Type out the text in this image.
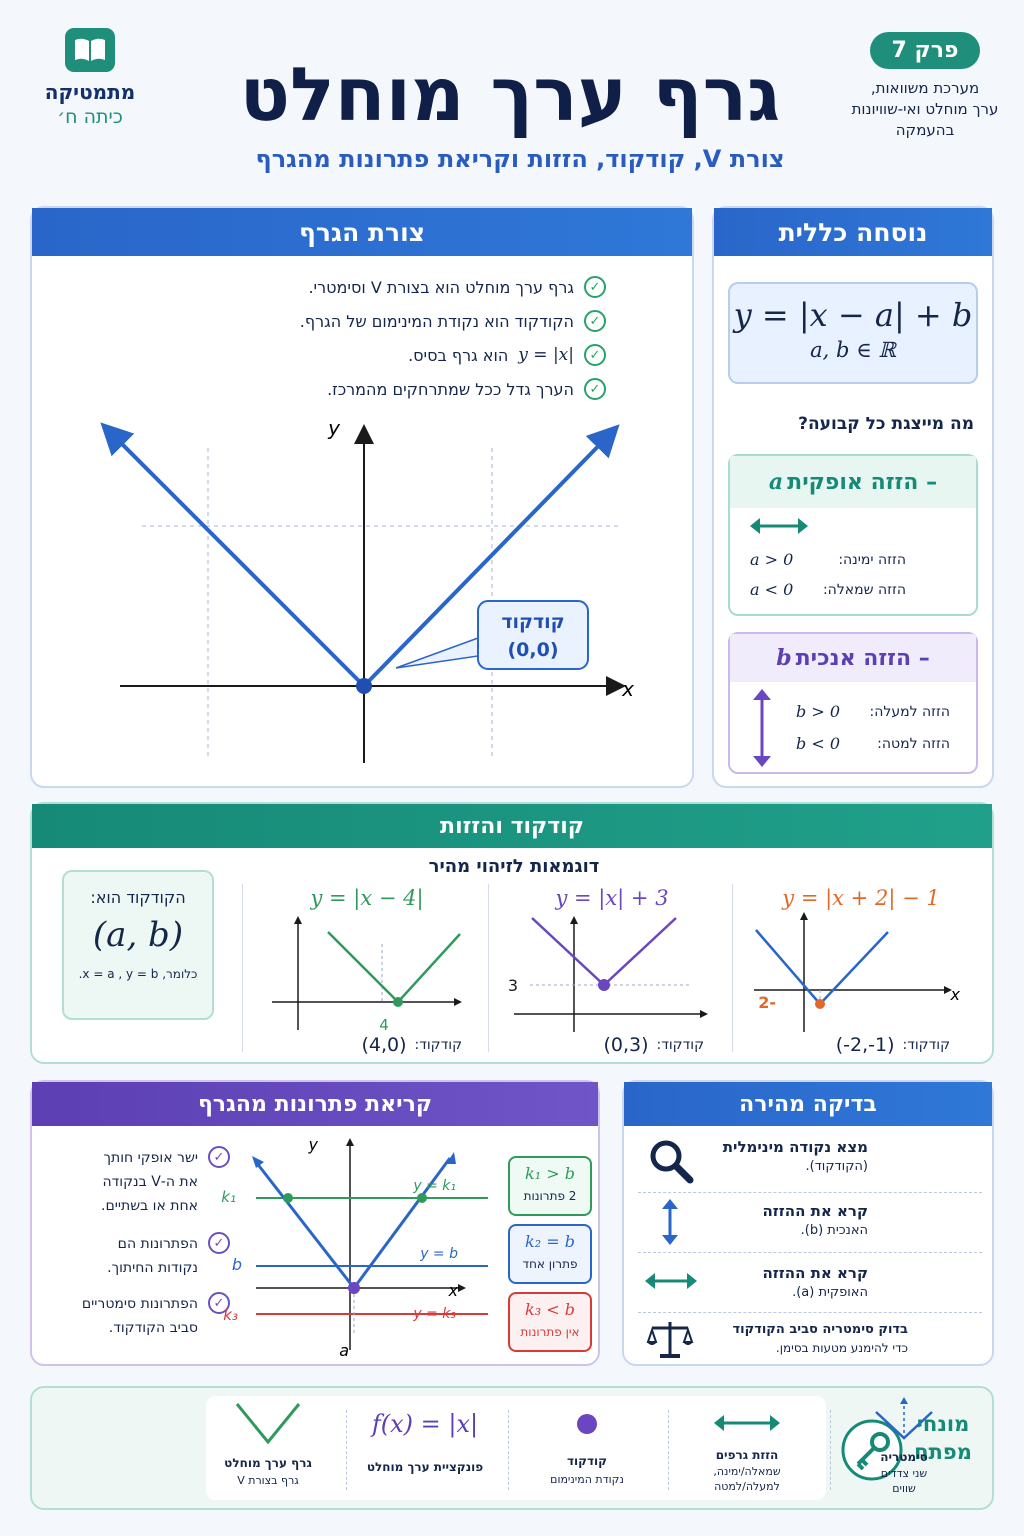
מתמטיקה
כיתה ח׳	גרף ערך מוחלט
צורת V, קודקוד, הזזות וקריאת פתרונות מהגרף
פרק 7
מערכת משוואות,
ערך מוחלט ואי-שוויונות
בהעמקה
צורת הגרף
✓
גרף ערך מוחלט הוא בצורת V וסימטרי.
✓
הקודקוד הוא נקודת המינימום של הגרף.
✓
y = |x|
הוא גרף בסיס.
✓
הערך גדל ככל שמתרחקים מהמרכז.
x
y
קודקוד
(0,0)
נוסחה כללית
y = |x − a| + b
a, b ∈ ℝ
מה מייצגת כל קבועה?
– הזזה אופקית
a
הזזה ימינה:
a > 0
הזזה שמאלה:
a < 0
– הזזה אנכית
b
הזזה למעלה:
b > 0
הזזה למטה:
b < 0
קודקוד והזזות
דוגמאות לזיהוי מהיר
הקודקוד הוא:
(a, b)
כלומר, x = a , y = b.
y = |x − 4|
4
קודקוד:
(4,0)
y = |x| + 3
3
קודקוד:
(0,3)
y = |x + 2| − 1
-2	x
קודקוד:
(-2,-1)
קריאת פתרונות מהגרף
✓
ישר אופקי חותך
את ה-V בנקודה
אחת או בשתיים.
✓
הפתרונות הם
נקודות החיתוך.
✓
הפתרונות סימטריים
סביב הקודקוד.
x
y
k₁
b
k₃
a
y = k₁
y = b
y = k₃
k₁ > b
2 פתרונות
k₂ = b
פתרון אחד
k₃ < b
אין פתרונות
בדיקה מהירה
מצא נקודה מינימלית
(הקודקוד).
קרא את ההזזה
האנכית (b).
קרא את ההזזה
האופקית (a).
בדוק סימטריה סביב הקודקוד
כדי להימנע מטעות בסימן.
מונחי
מפתח
גרף ערך מוחלט
גרף בצורת V
f(x) = |x|
פונקציית ערך מוחלט	קודקוד
נקודת המינימום
הזזת גרפים
שמאלה/ימינה,
למעלה/למטה
סימטריה
שני צדדים
שווים
